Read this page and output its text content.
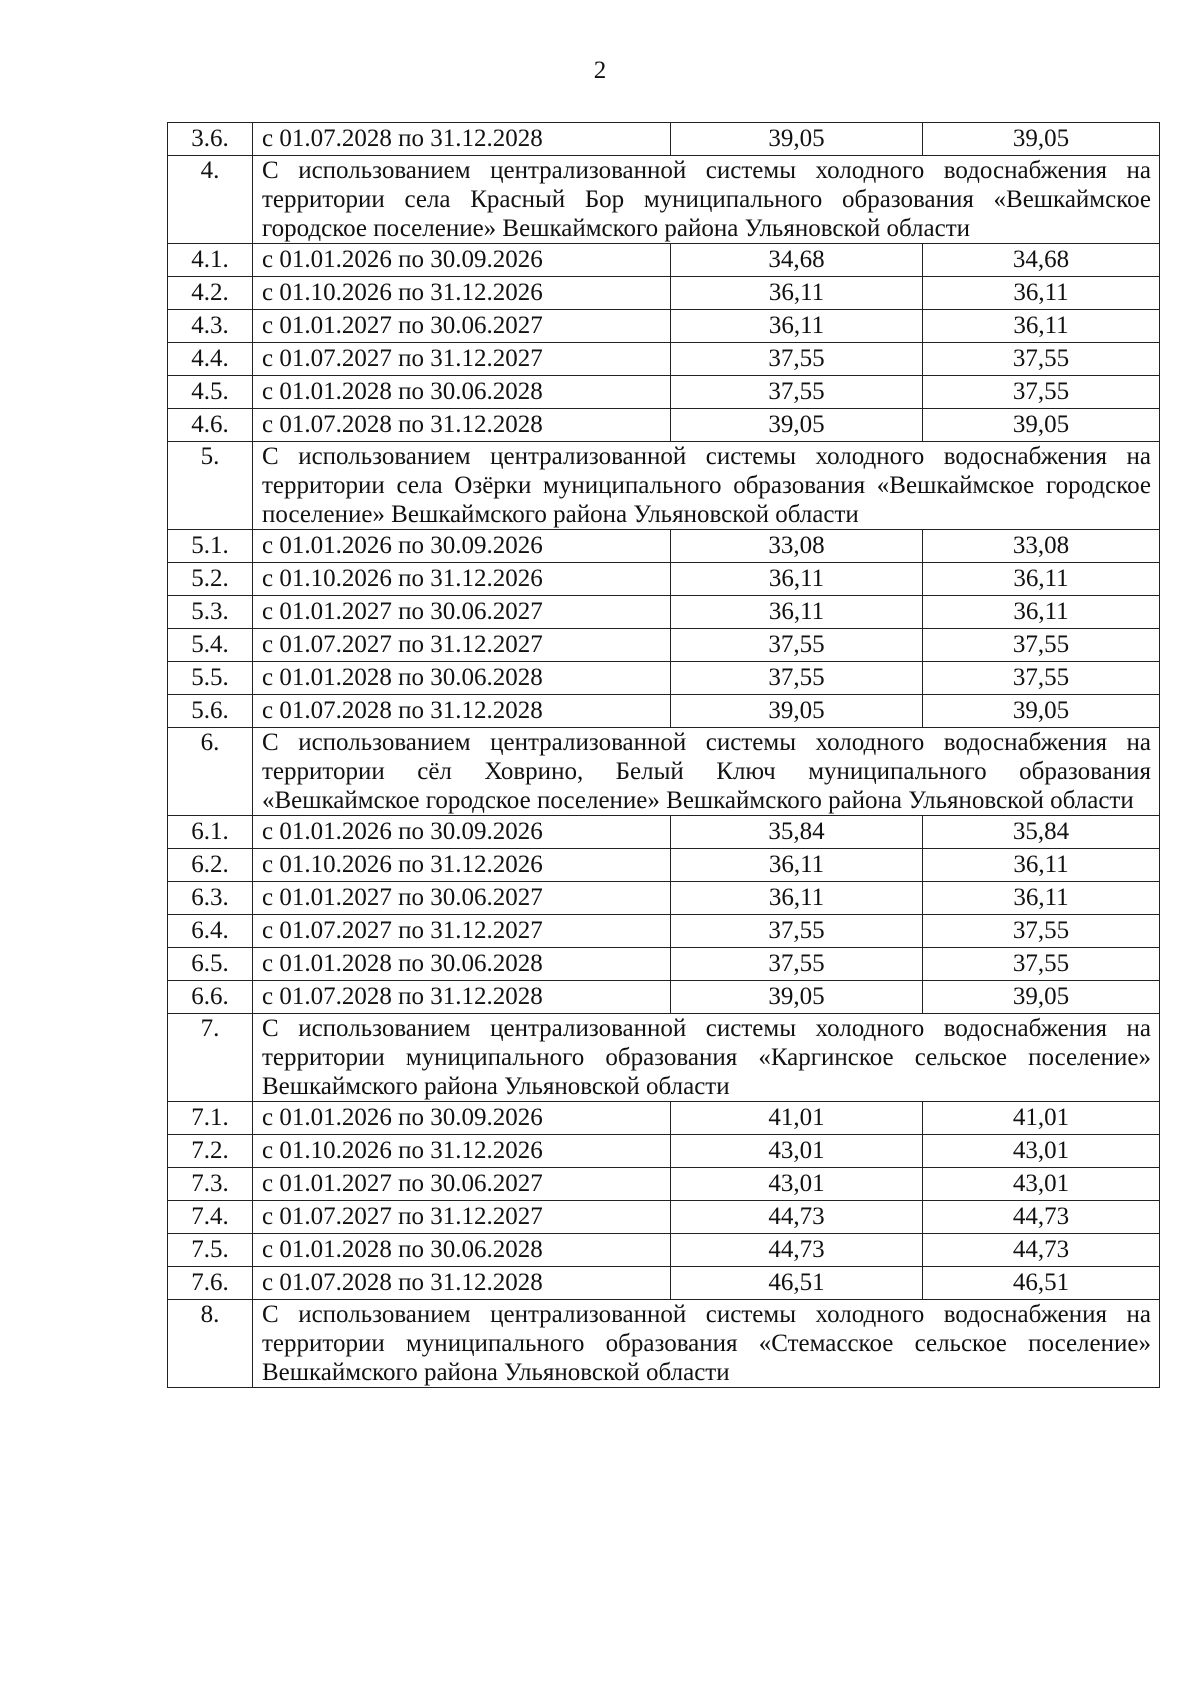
2
3.6.	с 01.07.2028 по 31.12.2028	39,05	39,05
4.	С использованием централизованной системы холодного водоснабжения на территории села Красный Бор муниципального образования «Вешкаймское городское поселение» Вешкаймского района Ульяновской области		
4.1.	с 01.01.2026 по 30.09.2026	34,68	34,68
4.2.	с 01.10.2026 по 31.12.2026	36,11	36,11
4.3.	с 01.01.2027 по 30.06.2027	36,11	36,11
4.4.	с 01.07.2027 по 31.12.2027	37,55	37,55
4.5.	с 01.01.2028 по 30.06.2028	37,55	37,55
4.6.	с 01.07.2028 по 31.12.2028	39,05	39,05
5.	С использованием централизованной системы холодного водоснабжения на территории села Озёрки муниципального образования «Вешкаймское городское поселение» Вешкаймского района Ульяновской области		
5.1.	с 01.01.2026 по 30.09.2026	33,08	33,08
5.2.	с 01.10.2026 по 31.12.2026	36,11	36,11
5.3.	с 01.01.2027 по 30.06.2027	36,11	36,11
5.4.	с 01.07.2027 по 31.12.2027	37,55	37,55
5.5.	с 01.01.2028 по 30.06.2028	37,55	37,55
5.6.	с 01.07.2028 по 31.12.2028	39,05	39,05
6.	С использованием централизованной системы холодного водоснабжения на территории сёл Ховрино, Белый Ключ муниципального образования «Вешкаймское городское поселение» Вешкаймского района Ульяновской области		
6.1.	с 01.01.2026 по 30.09.2026	35,84	35,84
6.2.	с 01.10.2026 по 31.12.2026	36,11	36,11
6.3.	с 01.01.2027 по 30.06.2027	36,11	36,11
6.4.	с 01.07.2027 по 31.12.2027	37,55	37,55
6.5.	с 01.01.2028 по 30.06.2028	37,55	37,55
6.6.	с 01.07.2028 по 31.12.2028	39,05	39,05
7.	С использованием централизованной системы холодного водоснабжения на территории муниципального образования «Каргинское сельское поселение» Вешкаймского района Ульяновской области		
7.1.	с 01.01.2026 по 30.09.2026	41,01	41,01
7.2.	с 01.10.2026 по 31.12.2026	43,01	43,01
7.3.	с 01.01.2027 по 30.06.2027	43,01	43,01
7.4.	с 01.07.2027 по 31.12.2027	44,73	44,73
7.5.	с 01.01.2028 по 30.06.2028	44,73	44,73
7.6.	с 01.07.2028 по 31.12.2028	46,51	46,51
8.	С использованием централизованной системы холодного водоснабжения на территории муниципального образования «Стемасское сельское поселение» Вешкаймского района Ульяновской области		
